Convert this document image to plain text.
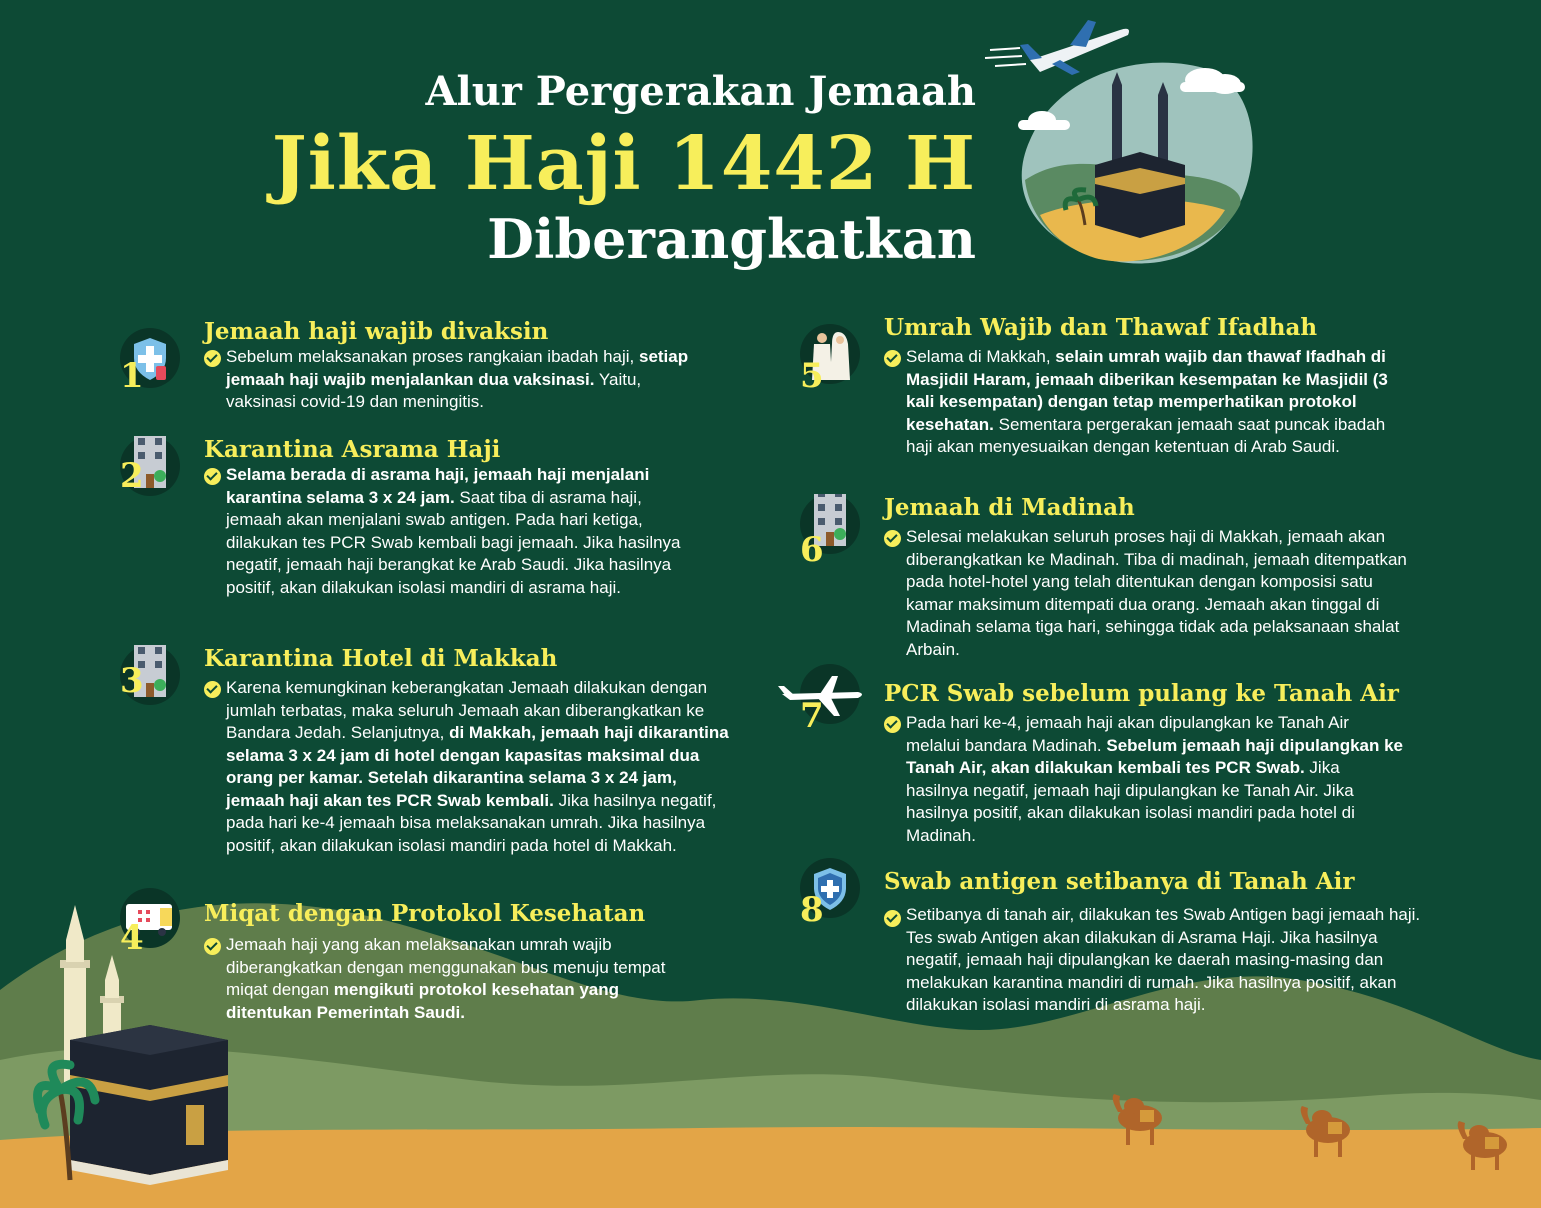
Alur Pergerakan Jemaah
Jika Haji 1442 H
Diberangkatkan
1
Jemaah haji wajib divaksin
Sebelum melaksanakan proses rangkaian ibadah haji, setiap jemaah haji wajib menjalankan dua vaksinasi. Yaitu, vaksinasi covid-19 dan meningitis.
2
Karantina Asrama Haji
Selama berada di asrama haji, jemaah haji menjalani karantina selama 3 x 24 jam. Saat tiba di asrama haji, jemaah akan menjalani swab antigen. Pada hari ketiga, dilakukan tes PCR Swab kembali bagi jemaah. Jika hasilnya negatif, jemaah haji berangkat ke Arab Saudi. Jika hasilnya positif, akan dilakukan isolasi mandiri di asrama haji.
3
Karantina Hotel di Makkah
Karena kemungkinan keberangkatan Jemaah dilakukan dengan jumlah terbatas, maka seluruh Jemaah akan diberangkatkan ke Bandara Jedah. Selanjutnya, di Makkah, jemaah haji dikarantina selama 3 x 24 jam di hotel dengan kapasitas maksimal dua orang per kamar. Setelah dikarantina selama 3 x 24 jam, jemaah haji akan tes PCR Swab kembali. Jika hasilnya negatif, pada hari ke-4 jemaah bisa melaksanakan umrah. Jika hasilnya positif, akan dilakukan isolasi mandiri pada hotel di Makkah.
4
Miqat dengan Protokol Kesehatan
Jemaah haji yang akan melaksanakan umrah wajib diberangkatkan dengan menggunakan bus menuju tempat miqat dengan mengikuti protokol kesehatan yang ditentukan Pemerintah Saudi.
5
Umrah Wajib dan Thawaf Ifadhah
Selama di Makkah, selain umrah wajib dan thawaf Ifadhah di Masjidil Haram, jemaah diberikan kesempatan ke Masjidil (3 kali kesempatan) dengan tetap memperhatikan protokol kesehatan. Sementara pergerakan jemaah saat puncak ibadah haji akan menyesuaikan dengan ketentuan di Arab Saudi.
6
Jemaah di Madinah
Selesai melakukan seluruh proses haji di Makkah, jemaah akan diberangkatkan ke Madinah. Tiba di madinah, jemaah ditempatkan pada hotel-hotel yang telah ditentukan dengan komposisi satu kamar maksimum ditempati dua orang. Jemaah akan tinggal di Madinah selama tiga hari, sehingga tidak ada pelaksanaan shalat Arbain.
7
PCR Swab sebelum pulang ke Tanah Air
Pada hari ke-4, jemaah haji akan dipulangkan ke Tanah Air melalui bandara Madinah. Sebelum jemaah haji dipulangkan ke Tanah Air, akan dilakukan kembali tes PCR Swab. Jika hasilnya negatif, jemaah haji dipulangkan ke Tanah Air. Jika hasilnya positif, akan dilakukan isolasi mandiri pada hotel di Madinah.
8
Swab antigen setibanya di Tanah Air
Setibanya di tanah air, dilakukan tes Swab Antigen bagi jemaah haji. Tes swab Antigen akan dilakukan di Asrama Haji. Jika hasilnya negatif, jemaah haji dipulangkan ke daerah masing-masing dan melakukan karantina mandiri di rumah. Jika hasilnya positif, akan dilakukan isolasi mandiri di asrama haji.
